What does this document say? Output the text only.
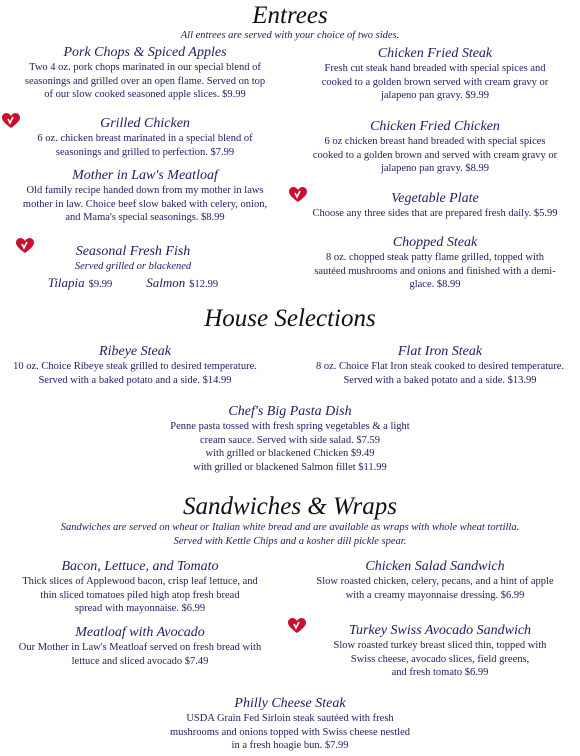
Entrees
All entrees are served with your choice of two sides.
Pork Chops & Spiced Apples
Two 4 oz. pork chops marinated in our special blend of
seasonings and grilled over an open flame. Served on top
of our slow cooked seasoned apple slices. $9.99
Grilled Chicken
6 oz. chicken breast marinated in a special blend of
seasonings and grilled to perfection. $7.99
Mother in Law's Meatloaf
Old family recipe handed down from my mother in laws
mother in law. Choice beef slow baked with celery, onion,
and Mama's special seasonings. $8.99
Seasonal Fresh Fish
Served grilled or blackened
Tilapia $9.99	Salmon $12.99
Chicken Fried Steak
Fresh cut steak hand breaded with special spices and
cooked to a golden brown served with cream gravy or
jalapeno pan gravy. $9.99
Chicken Fried Chicken
6 oz chicken breast hand breaded with special spices
cooked to a golden brown and served with cream gravy or
jalapeno pan gravy. $8.99
Vegetable Plate
Choose any three sides that are prepared fresh daily. $5.99
Chopped Steak
8 oz. chopped steak patty flame grilled, topped with
sautéed mushrooms and onions and finished with a demi-
glace. $8.99
House Selections
Ribeye Steak
10 oz. Choice Ribeye steak grilled to desired temperature.
Served with a baked potato and a side. $14.99
Flat Iron Steak
8 oz. Choice Flat Iron steak cooked to desired temperature.
Served with a baked potato and a side. $13.99
Chef's Big Pasta Dish
Penne pasta tossed with fresh spring vegetables & a light
cream sauce. Served with side salad. $7.59
with grilled or blackened Chicken $9.49
with grilled or blackened Salmon fillet $11.99
Sandwiches & Wraps
Sandwiches are served on wheat or Italian white bread and are available as wraps with whole wheat tortilla.
Served with Kettle Chips and a kosher dill pickle spear.
Bacon, Lettuce, and Tomato
Thick slices of Applewood bacon, crisp leaf lettuce, and
thin sliced tomatoes piled high atop fresh bread
spread with mayonnaise. $6.99
Meatloaf with Avocado
Our Mother in Law's Meatloaf served on fresh bread with
lettuce and sliced avocado $7.49
Chicken Salad Sandwich
Slow roasted chicken, celery, pecans, and a hint of apple
with a creamy mayonnaise dressing. $6.99
Turkey Swiss Avocado Sandwich
Slow roasted turkey breast sliced thin, topped with
Swiss cheese, avocado slices, field greens,
and fresh tomato $6.99
Philly Cheese Steak
USDA Grain Fed Sirloin steak sautéed with fresh
mushrooms and onions topped with Swiss cheese nestled
in a fresh hoagie bun. $7.99
